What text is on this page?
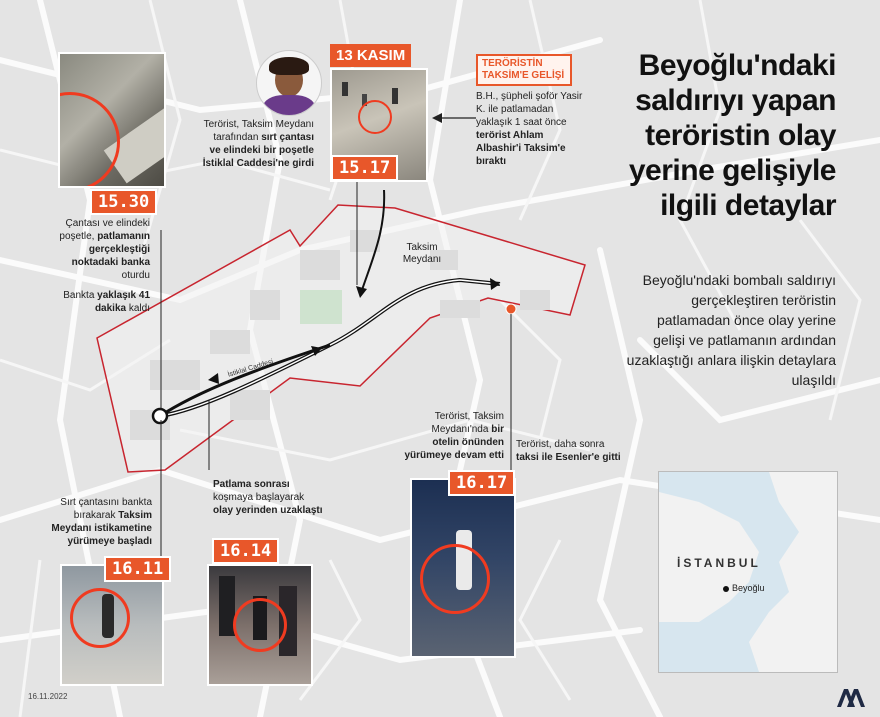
Beyoğlu'ndaki saldırıyı yapan teröristin olay yerine gelişiyle ilgili detaylar
Beyoğlu'ndaki bombalı saldırıyı gerçekleştiren teröristin patlamadan önce olay yerine gelişi ve patlamanın ardından uzaklaştığı anlara ilişkin detaylara ulaşıldı
Taksim Meydanı
İstiklal Caddesi
15.30
Çantası ve elindeki poşetle, patlamanın gerçekleştiği noktadaki banka oturdu
Bankta yaklaşık 41 dakika kaldı
Terörist, Taksim Meydanı tarafından sırt çantası ve elindeki bir poşetle İstiklal Caddesi'ne girdi
13 KASIM
15.17
TERÖRİSTİN TAKSİM'E GELİŞİ
B.H., şüpheli şoför Yasir K. ile patlamadan yaklaşık 1 saat önce terörist Ahlam Albashir'i Taksim'e bıraktı
Sırt çantasını bankta bırakarak Taksim Meydanı istikametine yürümeye başladı
16.11
Patlama sonrası koşmaya başlayarak olay yerinden uzaklaştı
16.14
Terörist, Taksim Meydanı'nda bir otelin önünden yürümeye devam etti
16.17
Terörist, daha sonra taksi ile Esenler'e gitti
İSTANBUL
Beyoğlu
16.11.2022
